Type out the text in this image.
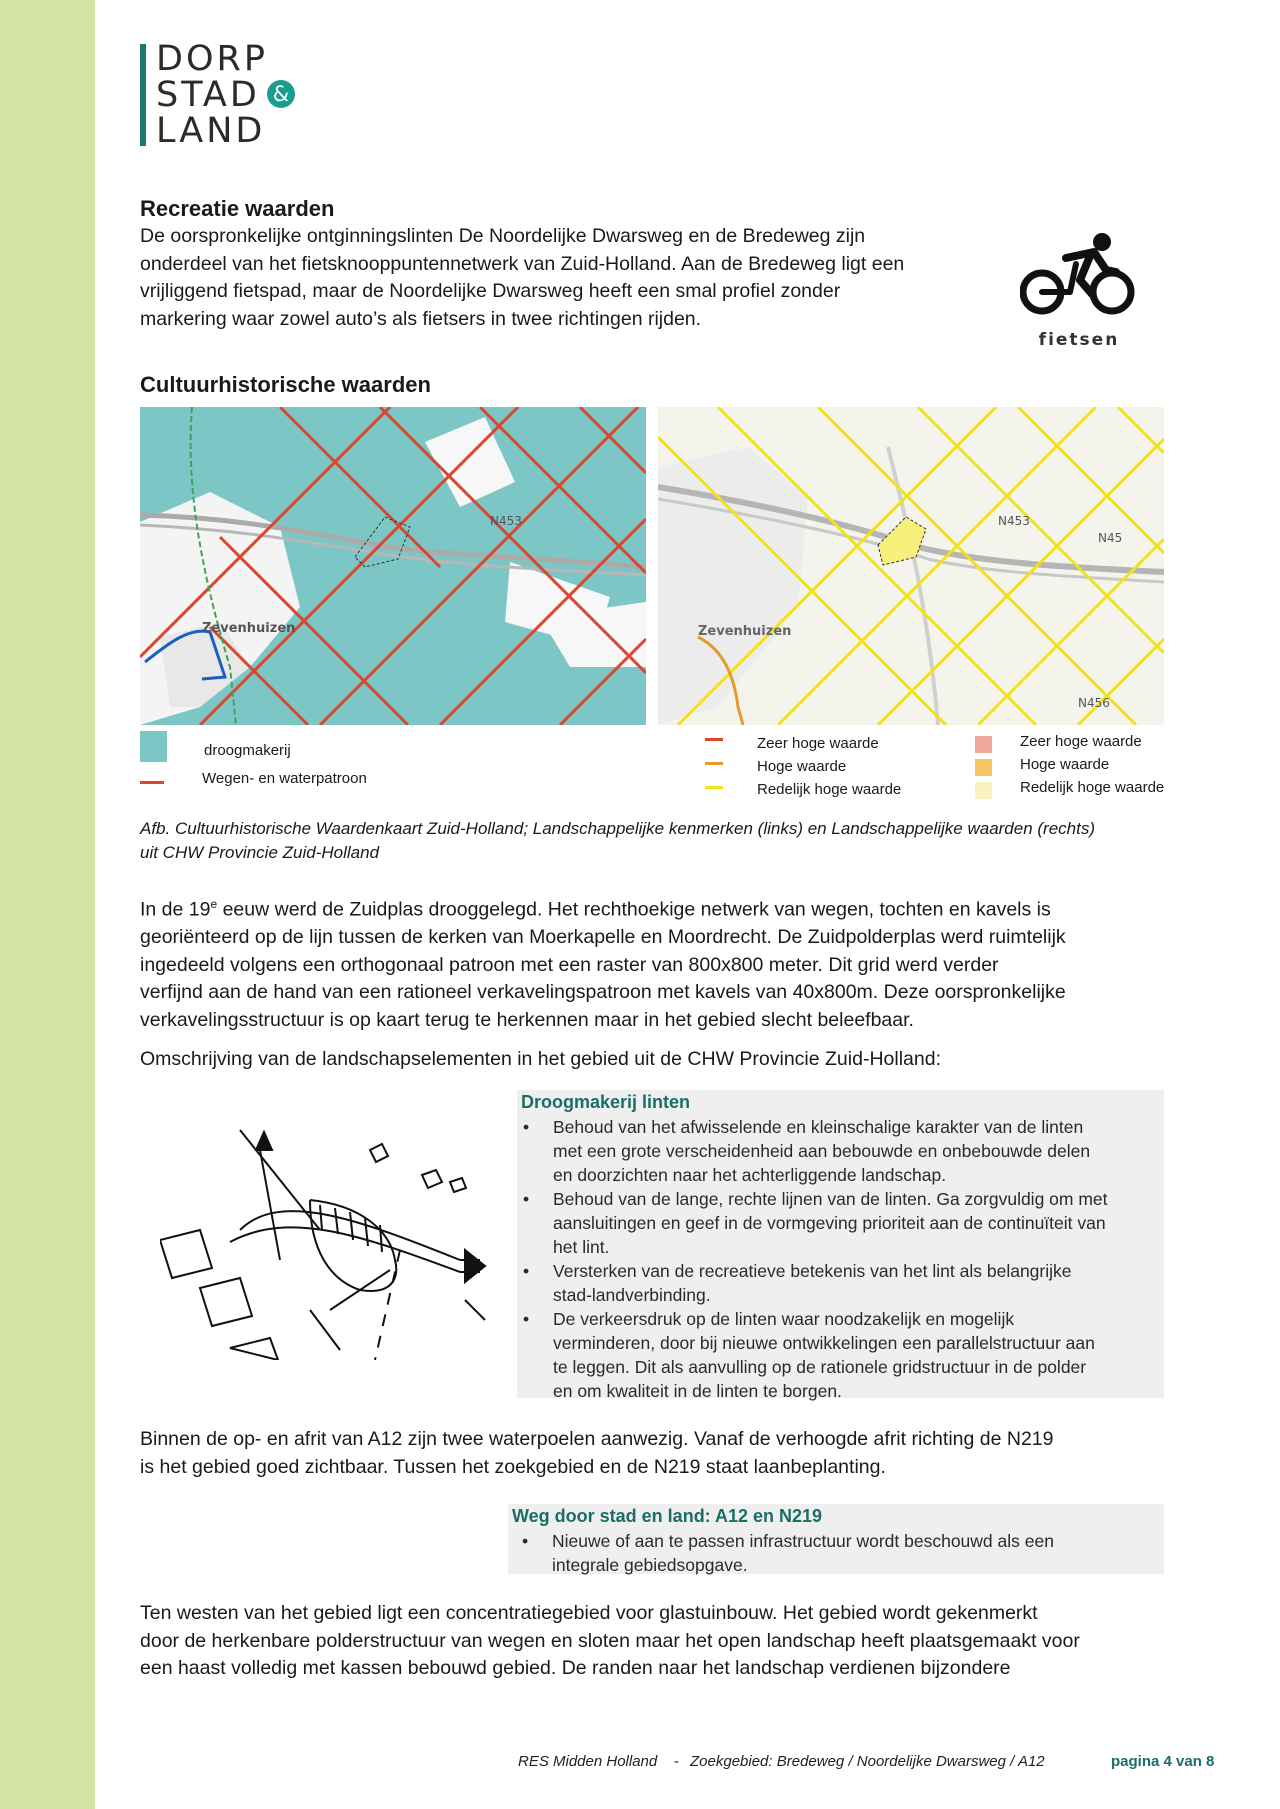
DORP
STAD &
LAND
Recreatie waarden
De oorspronkelijke ontginningslinten De Noordelijke Dwarsweg en de Bredeweg zijn
onderdeel van het fietsknooppuntennetwerk van Zuid-Holland. Aan de Bredeweg ligt een
vrijliggend fietspad, maar de Noordelijke Dwarsweg heeft een smal profiel zonder
markering waar zowel auto’s als fietsers in twee richtingen rijden.
fietsen
Cultuurhistorische waarden
N453
Zevenhuizen
N453
N45
N456
Zevenhuizen
droogmakerij
Wegen- en waterpatroon
Zeer hoge waarde
Hoge waarde
Redelijk hoge waarde
Zeer hoge waarde
Hoge waarde
Redelijk hoge waarde
Afb. Cultuurhistorische Waardenkaart Zuid-Holland; Landschappelijke kenmerken (links) en Landschappelijke waarden (rechts)
uit CHW Provincie Zuid-Holland
In de 19e eeuw werd de Zuidplas drooggelegd. Het rechthoekige netwerk van wegen, tochten en kavels is
georiënteerd op de lijn tussen de kerken van Moerkapelle en Moordrecht. De Zuidpolderplas werd ruimtelijk
ingedeeld volgens een orthogonaal patroon met een raster van 800x800 meter. Dit grid werd verder
verfijnd aan de hand van een rationeel verkavelingspatroon met kavels van 40x800m. Deze oorspronkelijke
verkavelingsstructuur is op kaart terug te herkennen maar in het gebied slecht beleefbaar.
Omschrijving van de landschapselementen in het gebied uit de CHW Provincie Zuid-Holland:
Droogmakerij linten
• Behoud van het afwisselende en kleinschalige karakter van de linten
met een grote verscheidenheid aan bebouwde en onbebouwde delen
en doorzichten naar het achterliggende landschap.
• Behoud van de lange, rechte lijnen van de linten. Ga zorgvuldig om met
aansluitingen en geef in de vormgeving prioriteit aan de continuïteit van
het lint.
• Versterken van de recreatieve betekenis van het lint als belangrijke
stad-landverbinding.
• De verkeersdruk op de linten waar noodzakelijk en mogelijk
verminderen, door bij nieuwe ontwikkelingen een parallelstructuur aan
te leggen. Dit als aanvulling op de rationele gridstructuur in de polder
en om kwaliteit in de linten te borgen.
Binnen de op- en afrit van A12 zijn twee waterpoelen aanwezig. Vanaf de verhoogde afrit richting de N219
is het gebied goed zichtbaar. Tussen het zoekgebied en de N219 staat laanbeplanting.
Weg door stad en land: A12 en N219
• Nieuwe of aan te passen infrastructuur wordt beschouwd als een
integrale gebiedsopgave.
Ten westen van het gebied ligt een concentratiegebied voor glastuinbouw. Het gebied wordt gekenmerkt
door de herkenbare polderstructuur van wegen en sloten maar het open landschap heeft plaatsgemaakt voor
een haast volledig met kassen bebouwd gebied. De randen naar het landschap verdienen bijzondere
RES Midden Holland - Zoekgebied: Bredeweg / Noordelijke Dwarsweg / A12	pagina 4 van 8
